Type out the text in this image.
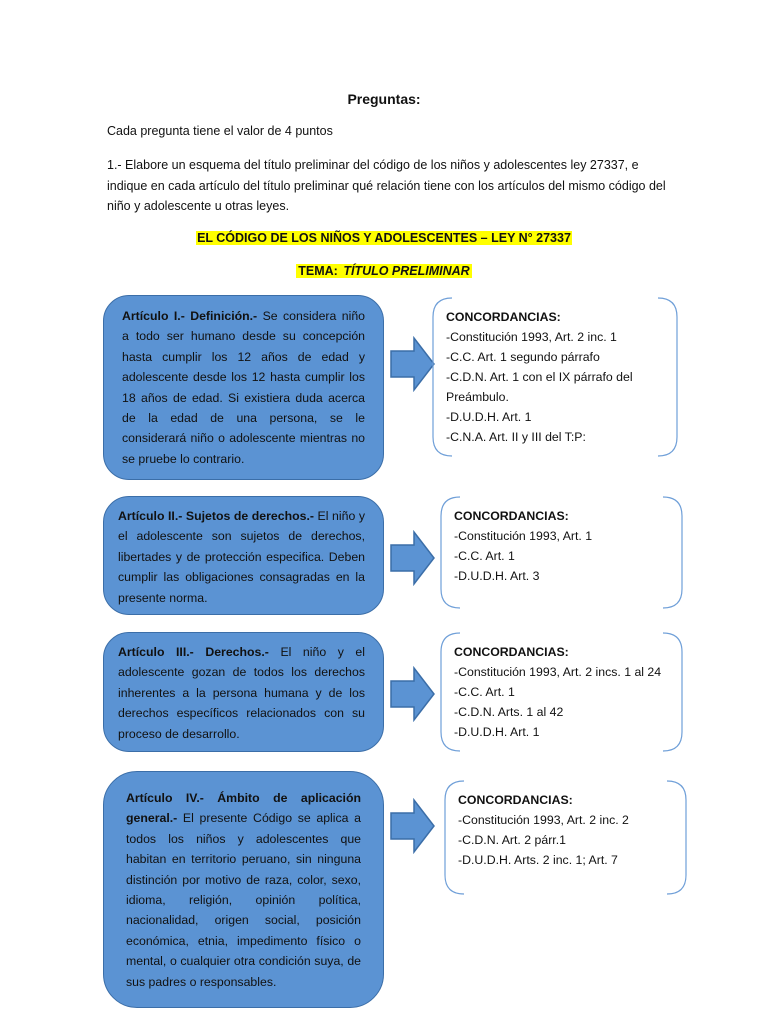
Preguntas:
Cada pregunta tiene el valor de 4 puntos
1.- Elabore un esquema del título preliminar del código de los niños y adolescentes ley 27337, e indique en cada artículo del título preliminar qué relación tiene con los artículos del mismo código del niño y adolescente u otras leyes.
EL CÓDIGO DE LOS NIÑOS Y ADOLESCENTES – LEY N° 27337
TEMA: TÍTULO PRELIMINAR
Artículo I.- Definición.- Se considera niño a todo ser humano desde su concepción hasta cumplir los 12 años de edad y adolescente desde los 12 hasta cumplir los 18 años de edad. Si existiera duda acerca de la edad de una persona, se le considerará niño o adolescente mientras no se pruebe lo contrario.
CONCORDANCIAS:
-Constitución 1993, Art. 2 inc. 1
-C.C. Art. 1 segundo párrafo
-C.D.N. Art. 1 con el IX párrafo del Preámbulo.
-D.U.D.H. Art. 1
-C.N.A. Art. II y III del T:P:
Artículo II.- Sujetos de derechos.- El niño y el adolescente son sujetos de derechos, libertades y de protección especifica. Deben cumplir las obligaciones consagradas en la presente norma.
CONCORDANCIAS:
-Constitución 1993, Art. 1
-C.C. Art. 1
-D.U.D.H. Art. 3
Artículo III.- Derechos.- El niño y el adolescente gozan de todos los derechos inherentes a la persona humana y de los derechos específicos relacionados con su proceso de desarrollo.
CONCORDANCIAS:
-Constitución 1993, Art. 2 incs. 1 al 24
-C.C. Art. 1
-C.D.N. Arts. 1 al 42
-D.U.D.H. Art. 1
Artículo IV.- Ámbito de aplicación general.- El presente Código se aplica a todos los niños y adolescentes que habitan en territorio peruano, sin ninguna distinción por motivo de raza, color, sexo, idioma, religión, opinión política, nacionalidad, origen social, posición económica, etnia, impedimento físico o mental, o cualquier otra condición suya, de sus padres o responsables.
CONCORDANCIAS:
-Constitución 1993, Art. 2 inc. 2
-C.D.N. Art. 2 párr.1
-D.U.D.H. Arts. 2 inc. 1; Art. 7
